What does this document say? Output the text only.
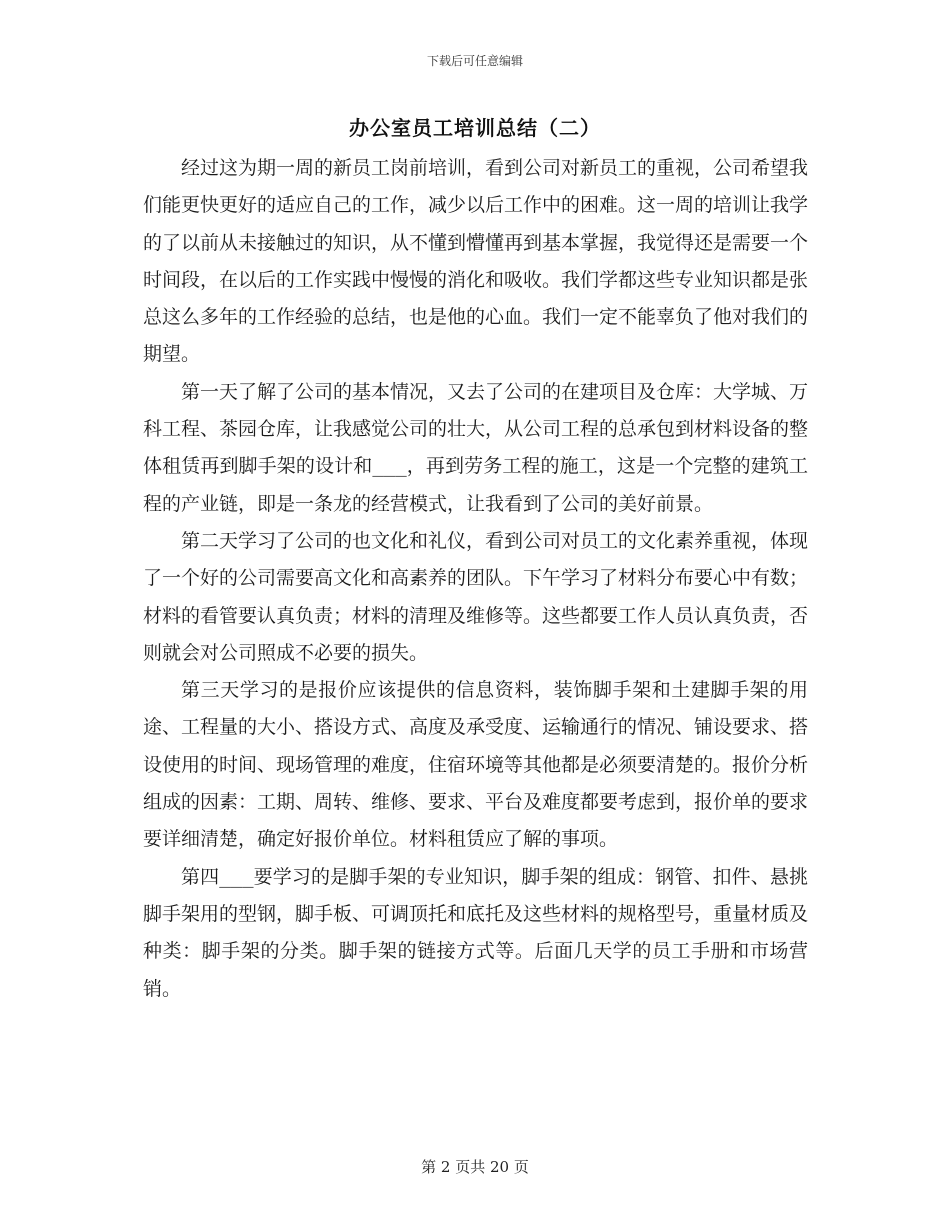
下载后可任意编辑
办公室员工培训总结（二）

经过这为期一周的新员工岗前培训，看到公司对新员工的重视，公司希望我们能更快更好的适应自己的工作，减少以后工作中的困难。这一周的培训让我学的了以前从未接触过的知识，从不懂到懵懂再到基本掌握，我觉得还是需要一个时间段，在以后的工作实践中慢慢的消化和吸收。我们学都这些专业知识都是张总这么多年的工作经验的总结，也是他的心血。我们一定不能辜负了他对我们的期望。

第一天了解了公司的基本情况，又去了公司的在建项目及仓库：大学城、万科工程、茶园仓库，让我感觉公司的壮大，从公司工程的总承包到材料设备的整体租赁再到脚手架的设计和___，再到劳务工程的施工，这是一个完整的建筑工程的产业链，即是一条龙的经营模式，让我看到了公司的美好前景。

第二天学习了公司的也文化和礼仪，看到公司对员工的文化素养重视，体现了一个好的公司需要高文化和高素养的团队。下午学习了材料分布要心中有数；材料的看管要认真负责；材料的清理及维修等。这些都要工作人员认真负责，否则就会对公司照成不必要的损失。

第三天学习的是报价应该提供的信息资料，装饰脚手架和土建脚手架的用途、工程量的大小、搭设方式、高度及承受度、运输通行的情况、铺设要求、搭设使用的时间、现场管理的难度，住宿环境等其他都是必须要清楚的。报价分析组成的因素：工期、周转、维修、要求、平台及难度都要考虑到，报价单的要求要详细清楚，确定好报价单位。材料租赁应了解的事项。

第四___要学习的是脚手架的专业知识，脚手架的组成：钢管、扣件、悬挑脚手架用的型钢，脚手板、可调顶托和底托及这些材料的规格型号，重量材质及种类：脚手架的分类。脚手架的链接方式等。后面几天学的员工手册和市场营销。

第 2 页共 20 页
